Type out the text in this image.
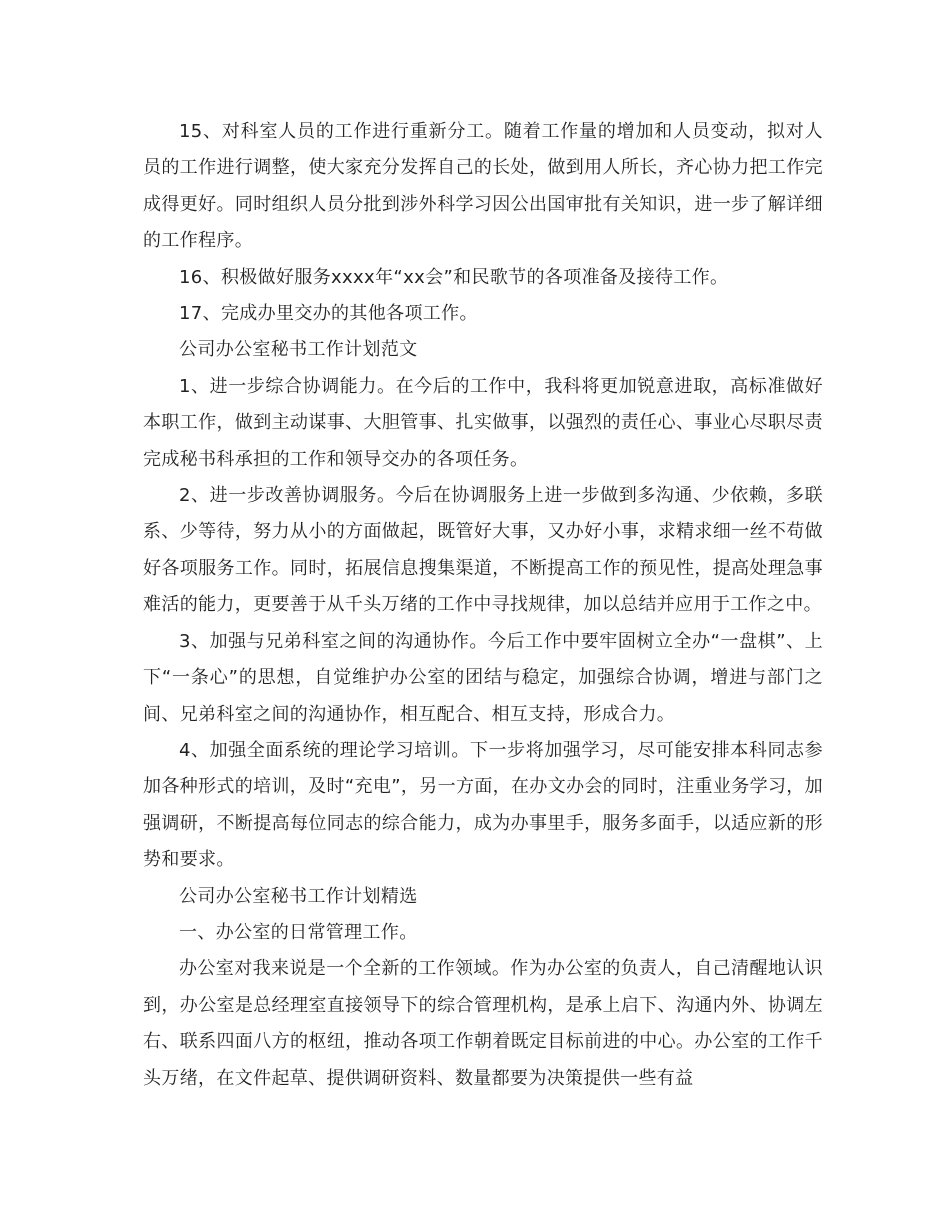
15、对科室人员的工作进行重新分工。随着工作量的增加和人员变动，拟对人员的工作进行调整，使大家充分发挥自己的长处，做到用人所长，齐心协力把工作完成得更好。同时组织人员分批到涉外科学习因公出国审批有关知识，进一步了解详细的工作程序。

16、积极做好服务xxxx年“xx会”和民歌节的各项准备及接待工作。

17、完成办里交办的其他各项工作。

公司办公室秘书工作计划范文

1、进一步综合协调能力。在今后的工作中，我科将更加锐意进取，高标准做好本职工作，做到主动谋事、大胆管事、扎实做事，以强烈的责任心、事业心尽职尽责完成秘书科承担的工作和领导交办的各项任务。

2、进一步改善协调服务。今后在协调服务上进一步做到多沟通、少依赖，多联系、少等待，努力从小的方面做起，既管好大事，又办好小事，求精求细一丝不苟做好各项服务工作。同时，拓展信息搜集渠道，不断提高工作的预见性，提高处理急事难活的能力，更要善于从千头万绪的工作中寻找规律，加以总结并应用于工作之中。

3、加强与兄弟科室之间的沟通协作。今后工作中要牢固树立全办“一盘棋”、上下“一条心”的思想，自觉维护办公室的团结与稳定，加强综合协调，增进与部门之间、兄弟科室之间的沟通协作，相互配合、相互支持，形成合力。

4、加强全面系统的理论学习培训。下一步将加强学习，尽可能安排本科同志参加各种形式的培训，及时“充电”，另一方面，在办文办会的同时，注重业务学习，加强调研，不断提高每位同志的综合能力，成为办事里手，服务多面手，以适应新的形势和要求。

公司办公室秘书工作计划精选

一、办公室的日常管理工作。

办公室对我来说是一个全新的工作领域。作为办公室的负责人，自己清醒地认识到，办公室是总经理室直接领导下的综合管理机构，是承上启下、沟通内外、协调左右、联系四面八方的枢纽，推动各项工作朝着既定目标前进的中心。办公室的工作千头万绪，在文件起草、提供调研资料、数量都要为决策提供一些有益
